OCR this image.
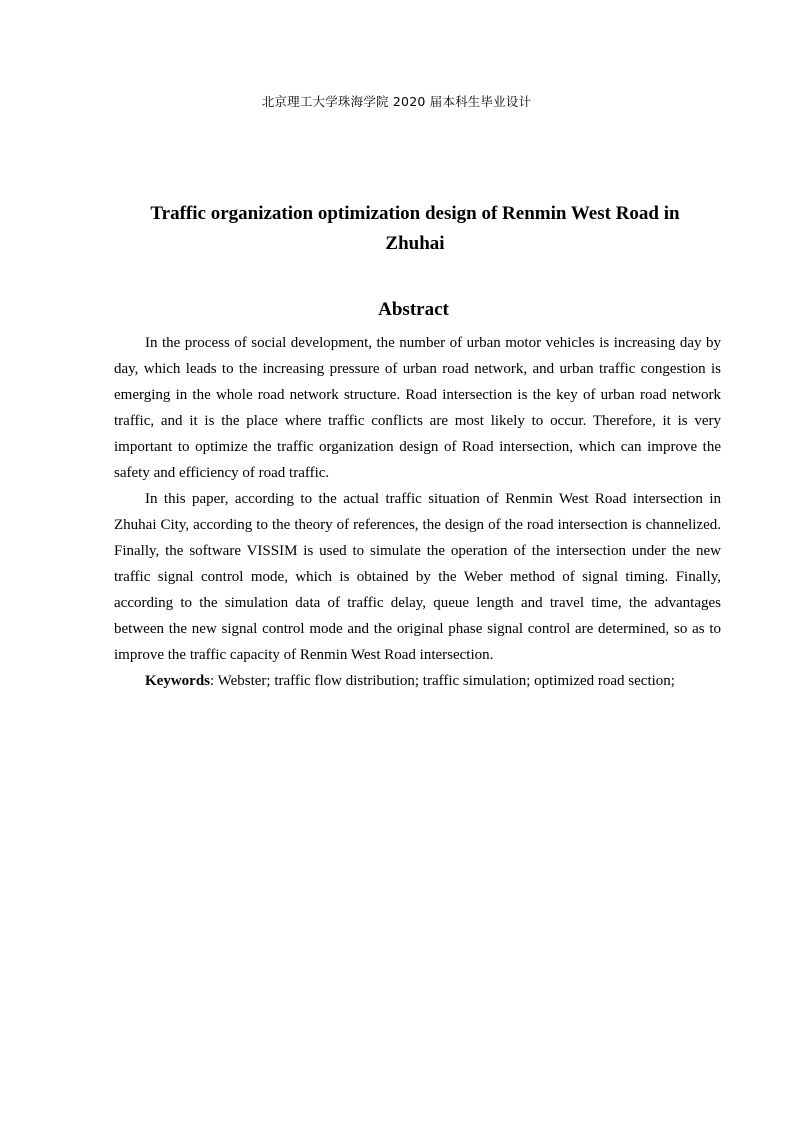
北京理工大学珠海学院 2020 届本科生毕业设计
Traffic organization optimization design of Renmin West Road in Zhuhai
Abstract

In the process of social development, the number of urban motor vehicles is increasing day by day, which leads to the increasing pressure of urban road network, and urban traffic congestion is emerging in the whole road network structure. Road intersection is the key of urban road network traffic, and it is the place where traffic conflicts are most likely to occur. Therefore, it is very important to optimize the traffic organization design of Road intersection, which can improve the safety and efficiency of road traffic.

In this paper, according to the actual traffic situation of Renmin West Road intersection in Zhuhai City, according to the theory of references, the design of the road intersection is channelized. Finally, the software VISSIM is used to simulate the operation of the intersection under the new traffic signal control mode, which is obtained by the Weber method of signal timing. Finally, according to the simulation data of traffic delay, queue length and travel time, the advantages between the new signal control mode and the original phase signal control are determined, so as to improve the traffic capacity of Renmin West Road intersection.

Keywords: Webster; traffic flow distribution; traffic simulation; optimized road section;
